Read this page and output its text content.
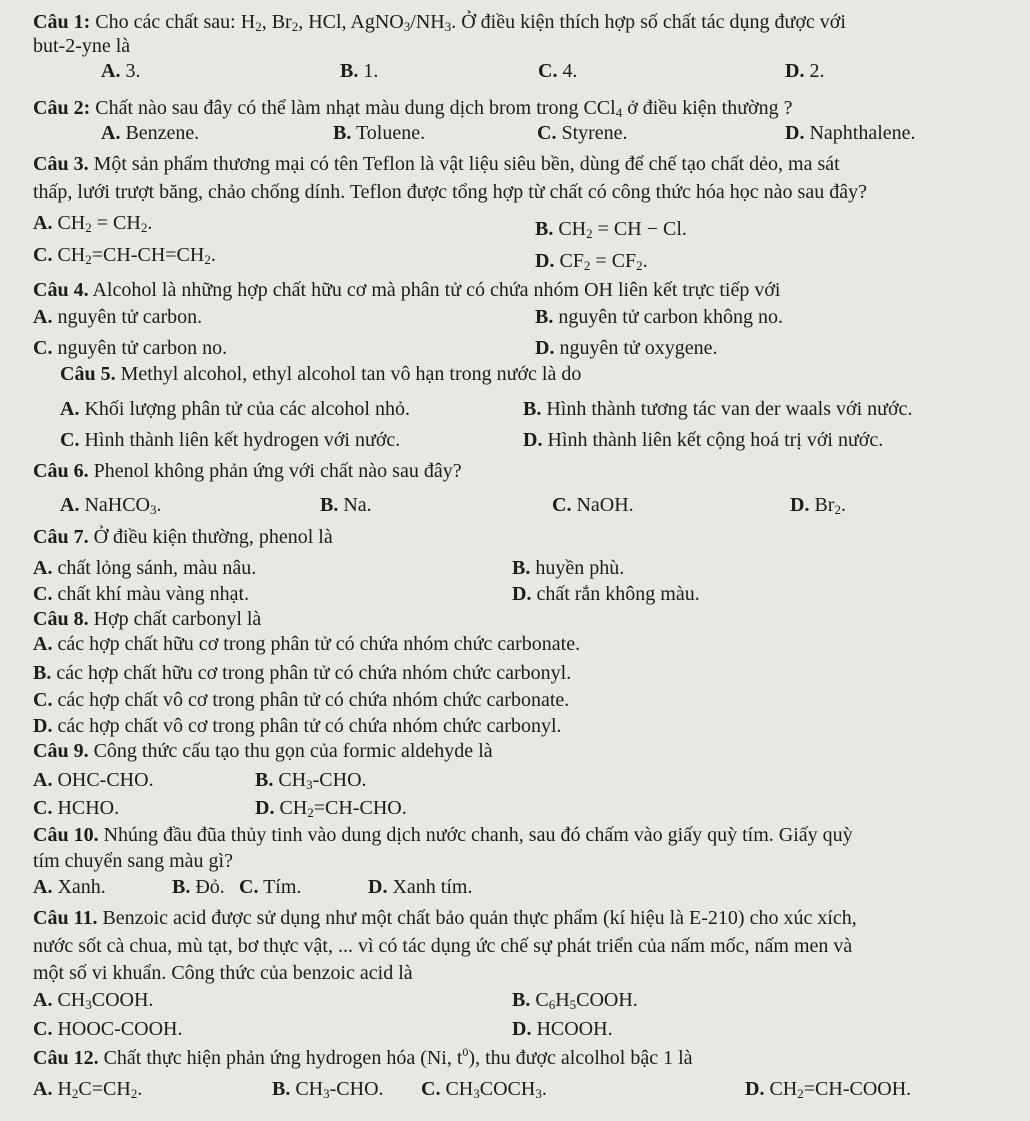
Câu 1: Cho các chất sau: $H_2$, $Br_2$, HCl, $AgNO_3/NH_3$. Ở điều kiện thích hợp số chất tác dụng được với
but-2-yne là
A. 3.	B. 1.	C. 4.	D. 2.
Câu 2: Chất nào sau đây có thể làm nhạt màu dung dịch brom trong CCl$_4$ ở điều kiện thường ?
A. Benzene.	B. Toluene.	C. Styrene.	D. Naphthalene.
Câu 3. Một sản phẩm thương mại có tên Teflon là vật liệu siêu bền, dùng để chế tạo chất dẻo, ma sát
thấp, lưới trượt băng, chảo chống dính. Teflon được tổng hợp từ chất có công thức hóa học nào sau đây?
A. $CH_2 = CH_2$.	B. $CH_2$ = CH − Cl.
C. $CH_2=CH-CH=CH_2$.	D. $CF_2 = CF_2$.
Câu 4. Alcohol là những hợp chất hữu cơ mà phân tử có chứa nhóm OH liên kết trực tiếp với
A. nguyên tử carbon.	B. nguyên tử carbon không no.
C. nguyên tử carbon no.	D. nguyên tử oxygene.
Câu 5. Methyl alcohol, ethyl alcohol tan vô hạn trong nước là do
A. Khối lượng phân tử của các alcohol nhỏ.	B. Hình thành tương tác van der waals với nước.
C. Hình thành liên kết hydrogen với nước.	D. Hình thành liên kết cộng hoá trị với nước.
Câu 6. Phenol không phản ứng với chất nào sau đây?
A. NaHCO$_3$.	B. Na.	C. NaOH.	D. $Br_2$.
Câu 7. Ở điều kiện thường, phenol là
A. chất lỏng sánh, màu nâu.	B. huyền phù.
C. chất khí màu vàng nhạt.	D. chất rắn không màu.
Câu 8. Hợp chất carbonyl là
A. các hợp chất hữu cơ trong phân tử có chứa nhóm chức carbonate.
B. các hợp chất hữu cơ trong phân tử có chứa nhóm chức carbonyl.
C. các hợp chất vô cơ trong phân tử có chứa nhóm chức carbonate.
D. các hợp chất vô cơ trong phân tử có chứa nhóm chức carbonyl.
Câu 9. Công thức cấu tạo thu gọn của formic aldehyde là
A. OHC-CHO.	B. $CH_3$-CHO.
C. HCHO.	D. $CH_2=CH$-CHO.
Câu 10. Nhúng đầu đũa thủy tinh vào dung dịch nước chanh, sau đó chấm vào giấy quỳ tím. Giấy quỳ
tím chuyển sang màu gì?
A. Xanh.	B. Đỏ. C. Tím.	D. Xanh tím.
Câu 11. Benzoic acid được sử dụng như một chất bảo quản thực phẩm (kí hiệu là E-210) cho xúc xích,
nước sốt cà chua, mù tạt, bơ thực vật, ... vì có tác dụng ức chế sự phát triển của nấm mốc, nấm men và
một số vi khuẩn. Công thức của benzoic acid là
A. $CH_3COOH$.	B. $C_6H_5COOH$.
C. HOOC-COOH.	D. HCOOH.
Câu 12. Chất thực hiện phản ứng hydrogen hóa (Ni, $t^0$), thu được alcolhol bậc 1 là
A. $H_2C=CH_2$.	B. $CH_3$-CHO. C. $CH_3COCH_3$.	D. $CH_2=CH$-COOH.
